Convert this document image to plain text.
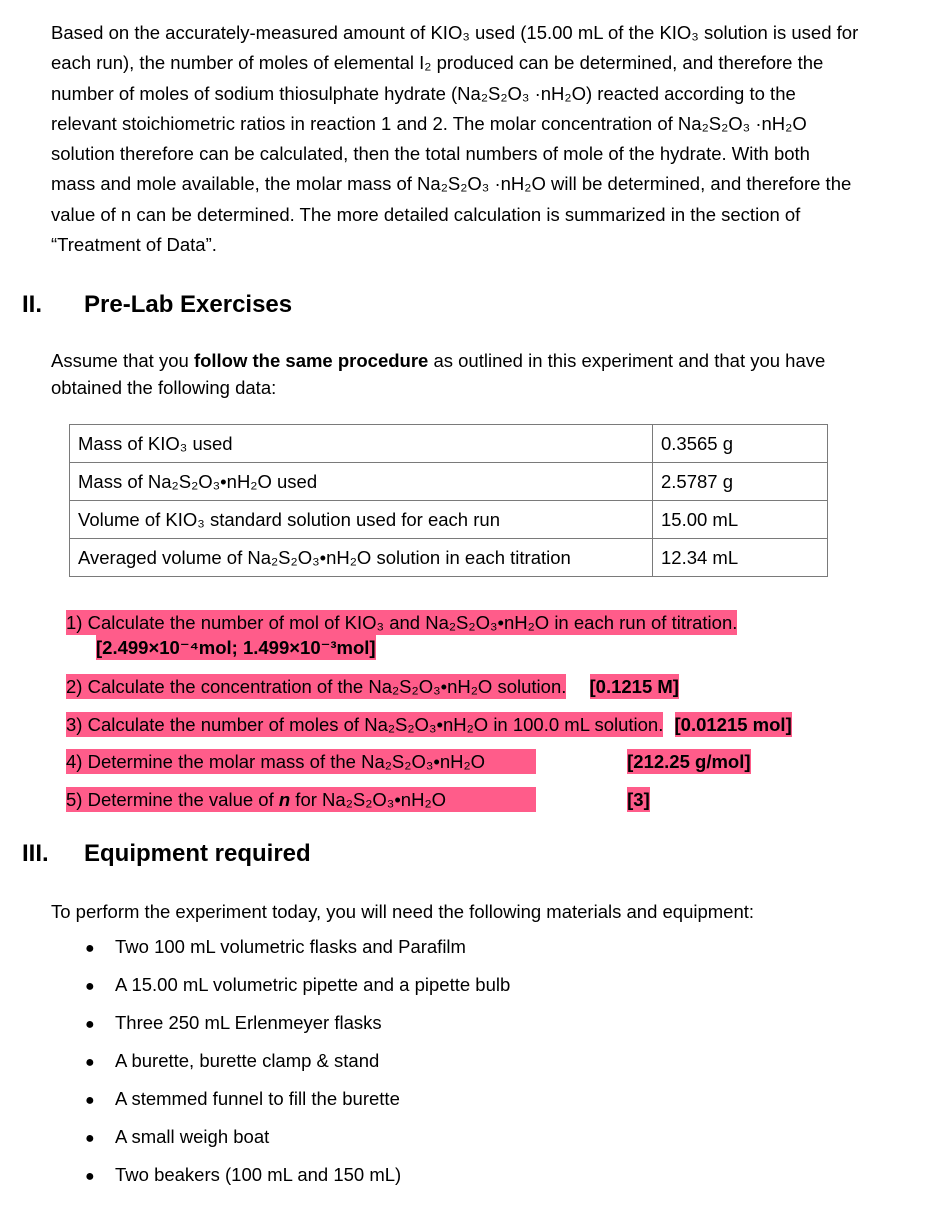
Based on the accurately-measured amount of KIO₃ used (15.00 mL of the KIO₃ solution is used for
each run), the number of moles of elemental I₂ produced can be determined, and therefore the
number of moles of sodium thiosulphate hydrate (Na₂S₂O₃ ·nH₂O) reacted according to the
relevant stoichiometric ratios in reaction 1 and 2. The molar concentration of Na₂S₂O₃ ·nH₂O
solution therefore can be calculated, then the total numbers of mole of the hydrate. With both
mass and mole available, the molar mass of Na₂S₂O₃ ·nH₂O will be determined, and therefore the
value of n can be determined. The more detailed calculation is summarized in the section of
“Treatment of Data”.
II. Pre-Lab Exercises
Assume that you follow the same procedure as outlined in this experiment and that you have
obtained the following data:
Mass of KIO₃ used	0.3565 g
Mass of Na₂S₂O₃•nH₂O used	2.5787 g
Volume of KIO₃ standard solution used for each run	15.00 mL
Averaged volume of Na₂S₂O₃•nH₂O solution in each titration	12.34 mL
1) Calculate the number of mol of KIO₃ and Na₂S₂O₃•nH₂O in each run of titration.
[2.499×10⁻⁴mol; 1.499×10⁻³mol]
2) Calculate the concentration of the Na₂S₂O₃•nH₂O solution. [0.1215 M]
3) Calculate the number of moles of Na₂S₂O₃•nH₂O in 100.0 mL solution. [0.01215 mol]
4) Determine the molar mass of the Na₂S₂O₃•nH₂O	[212.25 g/mol]
5) Determine the value of n for Na₂S₂O₃•nH₂O	[3]
III. Equipment required
To perform the experiment today, you will need the following materials and equipment:
● Two 100 mL volumetric flasks and Parafilm
● A 15.00 mL volumetric pipette and a pipette bulb
● Three 250 mL Erlenmeyer flasks
● A burette, burette clamp & stand
● A stemmed funnel to fill the burette
● A small weigh boat
● Two beakers (100 mL and 150 mL)
